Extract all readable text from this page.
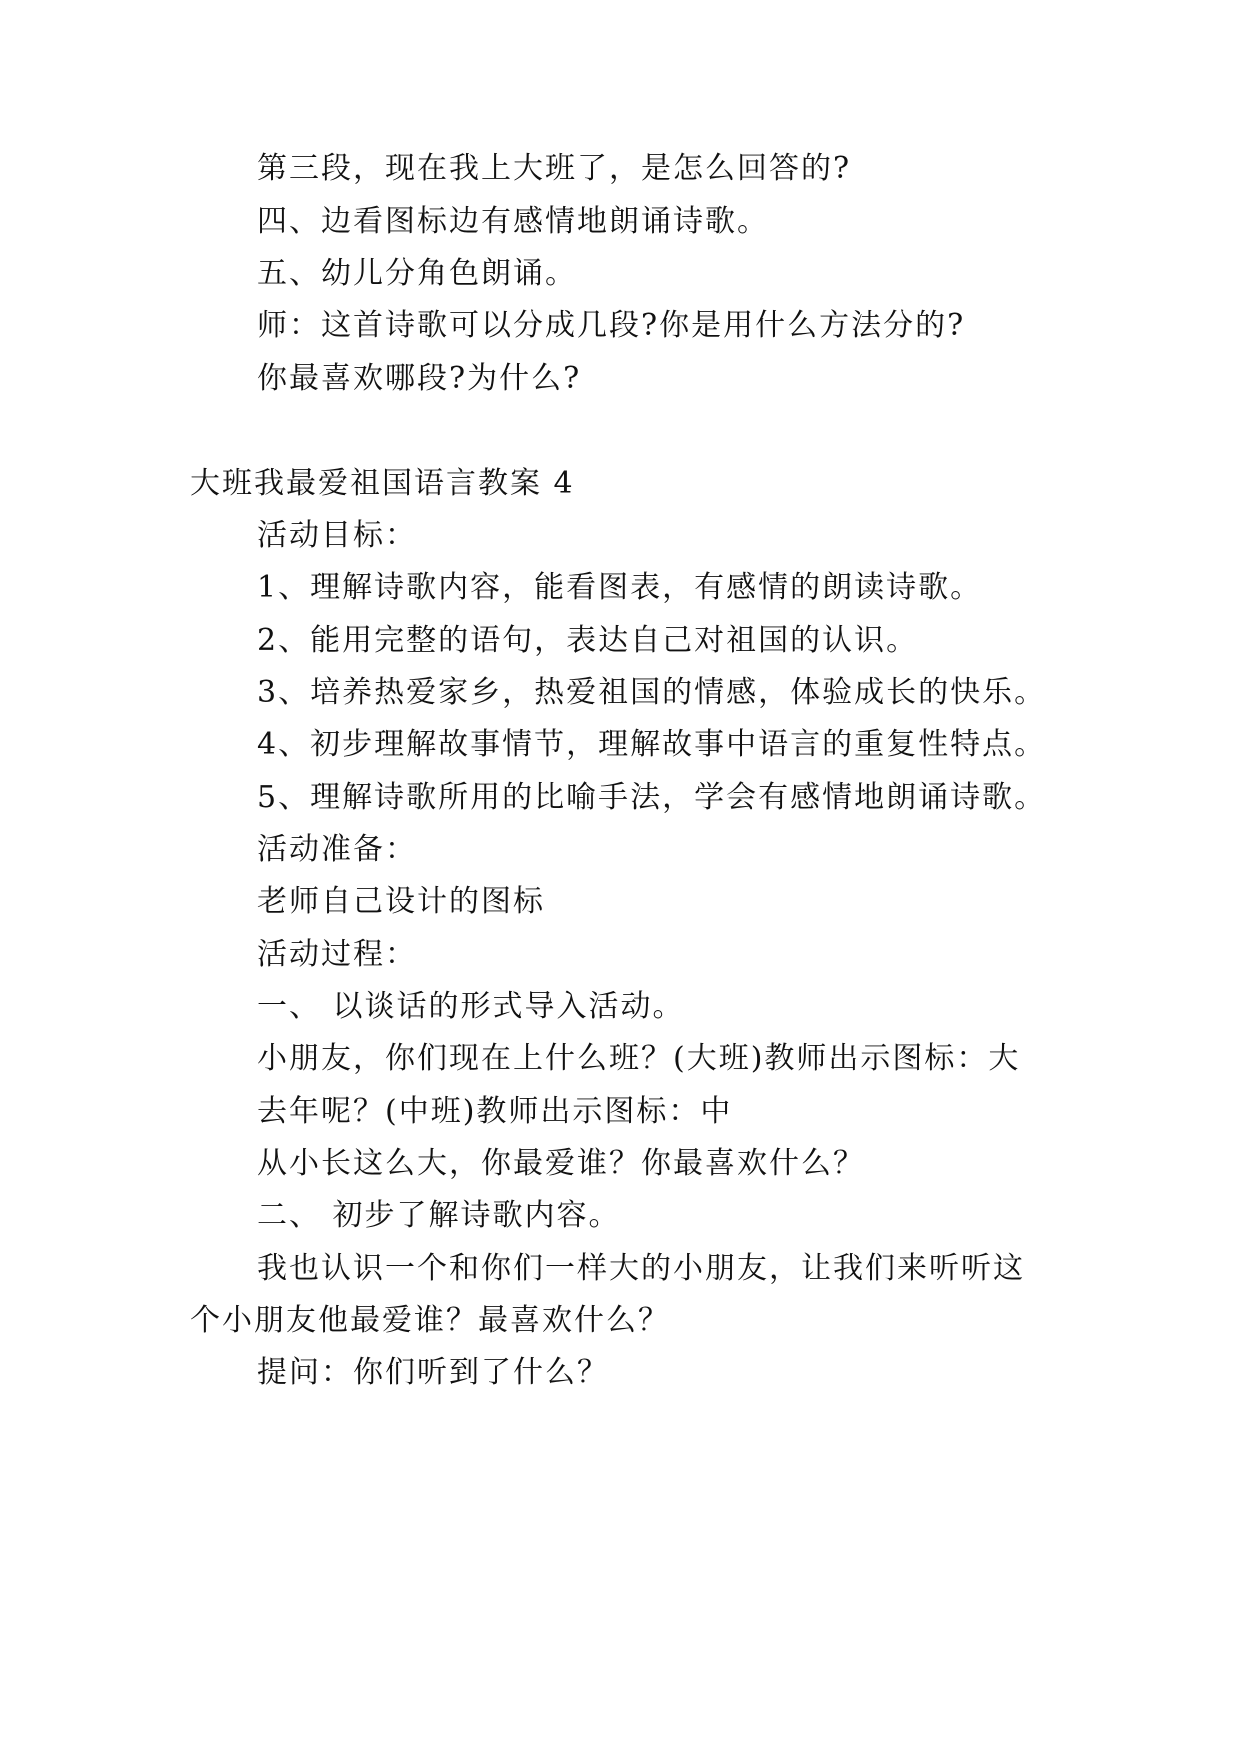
第三段，现在我上大班了，是怎么回答的?
四、边看图标边有感情地朗诵诗歌。
五、幼儿分角色朗诵。
师：这首诗歌可以分成几段?你是用什么方法分的?
你最喜欢哪段?为什么?
大班我最爱祖国语言教案 4
活动目标：
1、理解诗歌内容，能看图表，有感情的朗读诗歌。
2、能用完整的语句，表达自己对祖国的认识。
3、培养热爱家乡，热爱祖国的情感，体验成长的快乐。
4、初步理解故事情节，理解故事中语言的重复性特点。
5、理解诗歌所用的比喻手法，学会有感情地朗诵诗歌。
活动准备：
老师自己设计的图标
活动过程：
一、 以谈话的形式导入活动。
小朋友，你们现在上什么班？(大班)教师出示图标：大
去年呢？(中班)教师出示图标：中
从小长这么大，你最爱谁？你最喜欢什么？
二、 初步了解诗歌内容。
我也认识一个和你们一样大的小朋友，让我们来听听这
个小朋友他最爱谁？最喜欢什么？
提问：你们听到了什么？
